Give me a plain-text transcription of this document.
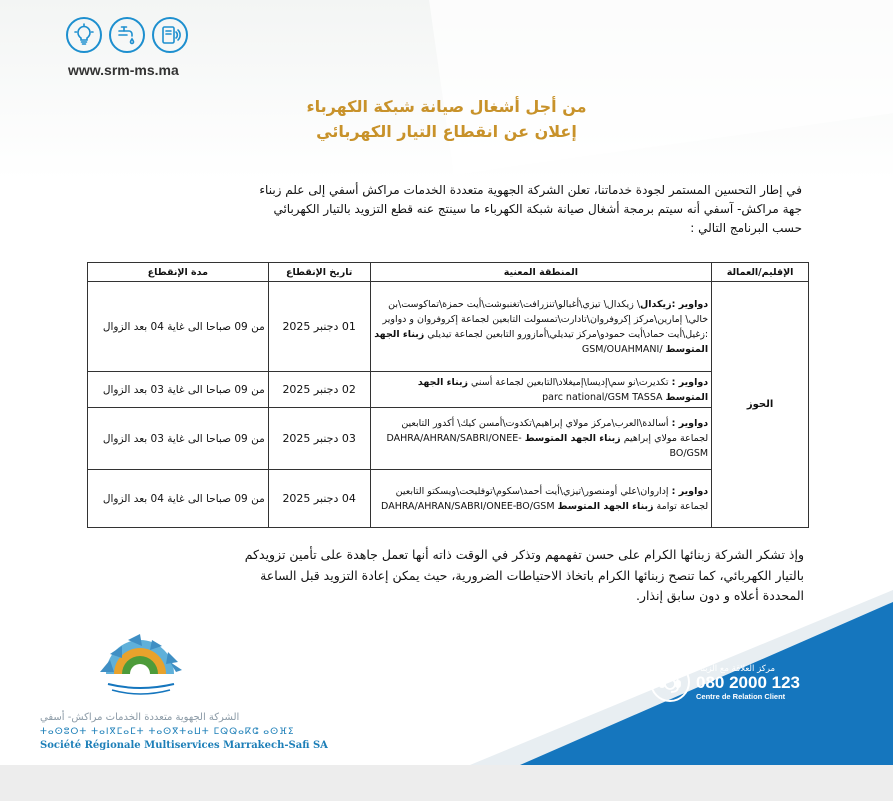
www.srm-ms.ma
من أجل أشغال صيانة شبكة الكهرباء
إعلان عن انقطاع التيار الكهربائي

في إطار التحسين المستمر لجودة خدماتنا، تعلن الشركة الجهوية متعددة الخدمات مراكش أسفي إلى علم زبناء

جهة مراكش- آسفي أنه سيتم برمجة أشغال صيانة شبكة الكهرباء ما سينتج عنه قطع التزويد بالتيار الكهربائي

حسب البرنامج التالي :

الإقليم/العمالة	المنطقة المعنية	تاريخ الإنقطاع	مدة الإنقطاع
الحوز	دواوير :زيكدال\ زيكدال\ تيزي\أغبالو\تنزرافت\تغنبوشت\أيت حمزة\تماكوست\بن خالي\ إمارين\مركز إكروفروان\تادارت\تمسولت التابعين لجماعة إكروفروان و دواوير :زغيل\أيت حماد\أيت حمودو\مركز تيديلي\أمازورو التابعين لجماعة تيديلي زبناء الجهد المتوسط GSM/OUAHMANI/	01 دجنبر 2025	من 09 صباحا الى غاية 04 بعد الزوال
	دواوير : تكديرت\نو سم\إديسا\إميغلاد\التابعين لجماعة أسني زبناء الجهد المتوسط parc national/GSM TASSA	02 دجنبر 2025	من 09 صباحا الى غاية 03 بعد الزوال
	دواوير : أسالدة\العرب\مركز مولاي إبراهيم\تكدوت\أمسن كيك\ أكدور التابعين لجماعة مولاي إبراهيم زبناء الجهد المتوسط DAHRA/AHRAN/SABRI/ONEE-BO/GSM	03 دجنبر 2025	من 09 صباحا الى غاية 03 بعد الزوال
	دواوير : إداروان\علي أومنصور\تيزي\أيت أحمد\سكوم\توفليحت\ويسكتو التابعين لجماعة توامة زبناء الجهد المتوسط DAHRA/AHRAN/SABRI/ONEE-BO/GSM	04 دجنبر 2025	من 09 صباحا الى غاية 04 بعد الزوال

وإذ تشكر الشركة زبنائها الكرام على حسن تفهمهم وتذكر في الوقت ذاته أنها تعمل جاهدة على تأمين تزويدكم

بالتيار الكهربائي، كما تنصح زبنائها الكرام باتخاذ الاحتياطات الضرورية، حيث يمكن إعادة التزويد قبل الساعة

المحددة أعلاه و دون سابق إنذار.

الشركة الجهوية متعددة الخدمات مراكش- أسفي
ⵜⴰⵙⵓⵔⵜ ⵜⴰⵏⴳⵎⴰⵎⵜ ⵜⴰⵙⴳⵜⴰⵡⵜ ⵎⵕⵕⴰⴽⵛ ⴰⵙⴼⵉ
Société Régionale Multiservices Marrakech-Safi SA
مركز العلاقة مع الزبناء
080 2000 123
Centre de Relation Client
